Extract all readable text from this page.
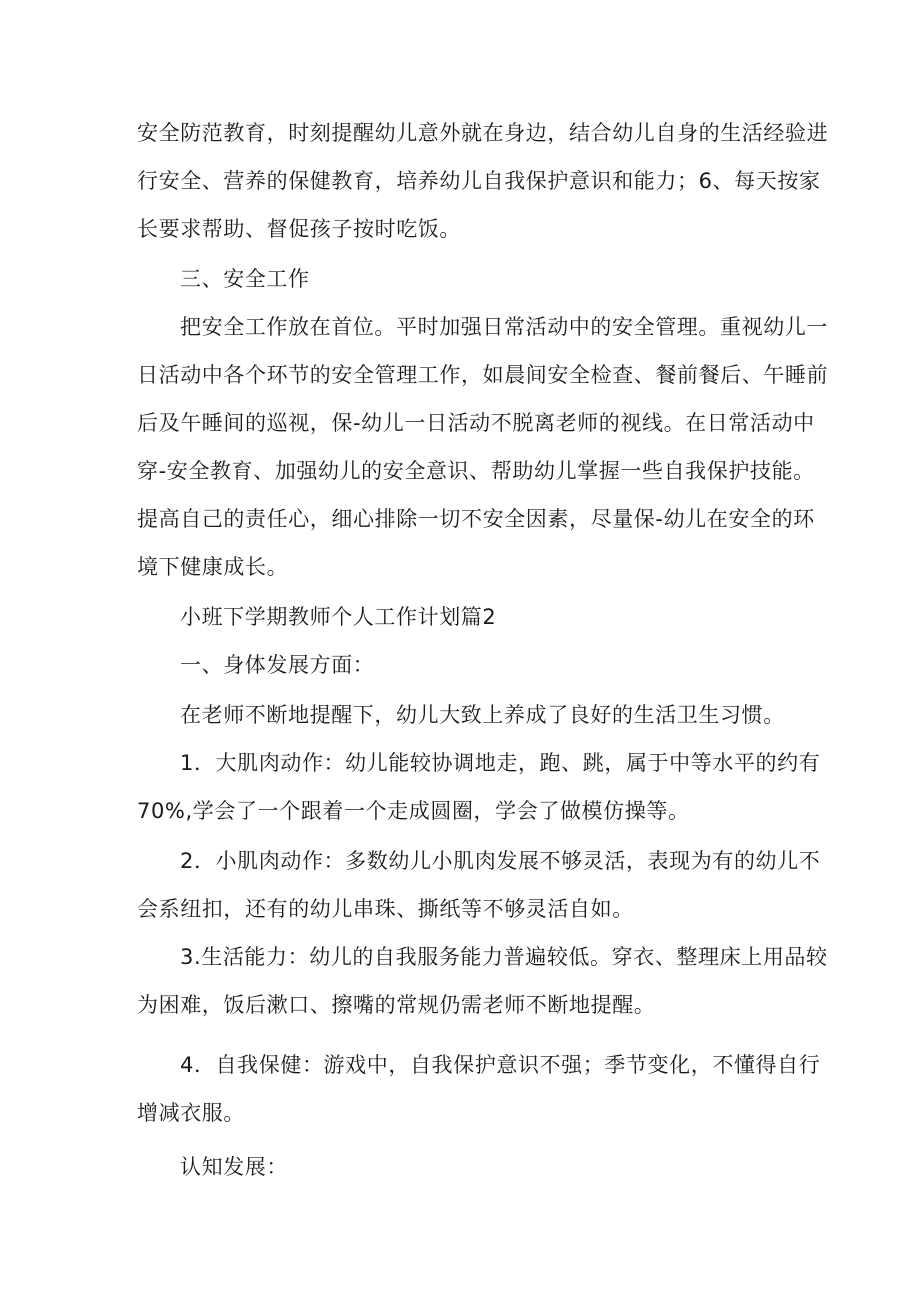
安全防范教育，时刻提醒幼儿意外就在身边，结合幼儿自身的生活经验进
行安全、营养的保健教育，培养幼儿自我保护意识和能力；6、每天按家
长要求帮助、督促孩子按时吃饭。
三、安全工作
把安全工作放在首位。平时加强日常活动中的安全管理。重视幼儿一
日活动中各个环节的安全管理工作，如晨间安全检查、餐前餐后、午睡前
后及午睡间的巡视，保-幼儿一日活动不脱离老师的视线。在日常活动中
穿-安全教育、加强幼儿的安全意识、帮助幼儿掌握一些自我保护技能。
提高自己的责任心，细心排除一切不安全因素，尽量保-幼儿在安全的环
境下健康成长。
小班下学期教师个人工作计划篇2
一、身体发展方面：
在老师不断地提醒下，幼儿大致上养成了良好的生活卫生习惯。
1．大肌肉动作：幼儿能较协调地走，跑、跳，属于中等水平的约有
70%,学会了一个跟着一个走成圆圈，学会了做模仿操等。
2．小肌肉动作：多数幼儿小肌肉发展不够灵活，表现为有的幼儿不
会系纽扣，还有的幼儿串珠、撕纸等不够灵活自如。
3.生活能力：幼儿的自我服务能力普遍较低。穿衣、整理床上用品较
为困难，饭后漱口、擦嘴的常规仍需老师不断地提醒。
4．自我保健：游戏中，自我保护意识不强；季节变化，不懂得自行
增减衣服。
认知发展：
